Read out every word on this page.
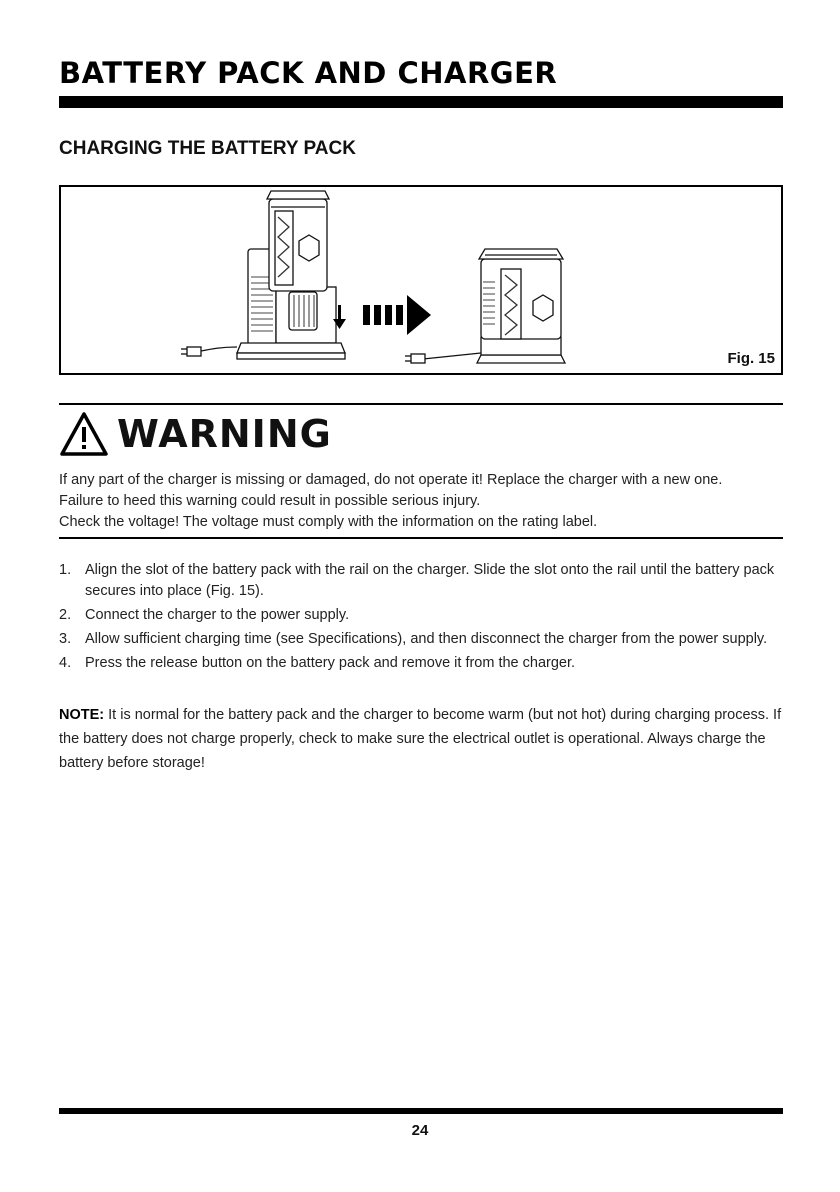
BATTERY PACK AND CHARGER
CHARGING THE BATTERY PACK
Fig. 15
WARNING

If any part of the charger is missing or damaged, do not operate it! Replace the charger with a new one.

Failure to heed this warning could result in possible serious injury.

Check the voltage! The voltage must comply with the information on the rating label.

1. Align the slot of the battery pack with the rail on the charger. Slide the slot onto the rail until the battery pack secures into place (Fig. 15).
2. Connect the charger to the power supply.
3. Allow sufficient charging time (see Specifications), and then disconnect the charger from the power supply.
4. Press the release button on the battery pack and remove it from the charger.

NOTE: It is normal for the battery pack and the charger to become warm (but not hot) during charging process. If the battery does not charge properly, check to make sure the electrical outlet is operational. Always charge the battery before storage!

24
